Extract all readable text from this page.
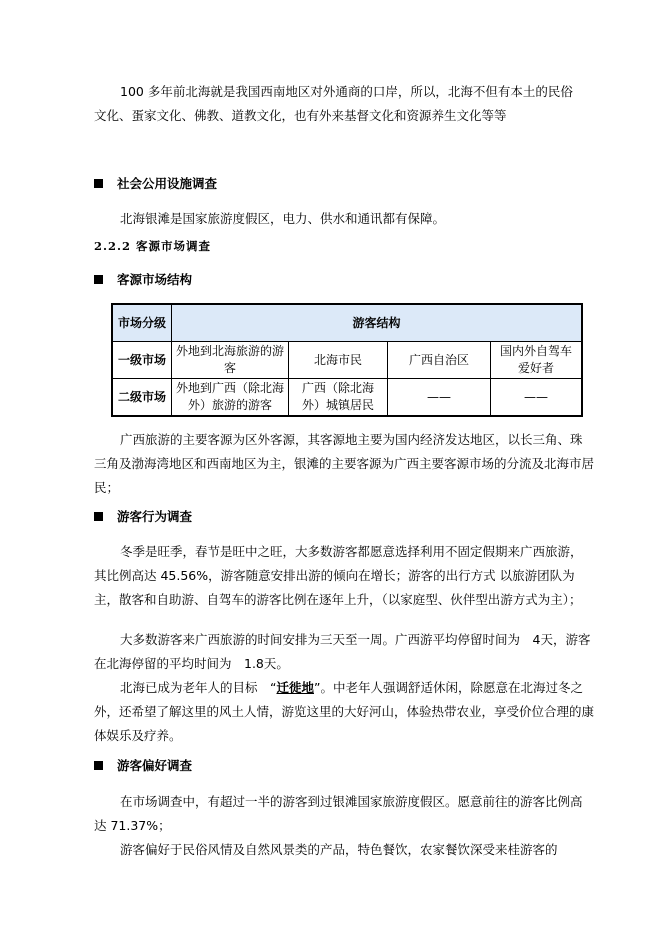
100 多年前北海就是我国西南地区对外通商的口岸，所以，北海不但有本土的民俗
文化、蛋家文化、佛教、道教文化，也有外来基督文化和资源养生文化等等

社会公用设施调查

北海银滩是国家旅游度假区，电力、供水和通讯都有保障。

2.2.2 客源市场调查
客源市场结构
市场分级	游客结构			
一级市场	外地到北海旅游的游客	北海市民	广西自治区	国内外自驾车爱好者
二级市场	外地到广西（除北海外）旅游的游客	广西（除北海外）城镇居民	——	——

广西旅游的主要客源为区外客源，其客源地主要为国内经济发达地区，以长三角、珠三角及渤海湾地区和西南地区为主，银滩的主要客源为广西主要客源市场的分流及北海市居民；

游客行为调查

冬季是旺季，春节是旺中之旺，大多数游客都愿意选择利用不固定假期来广西旅游，其比例高达 45.56%，游客随意安排出游的倾向在增长；游客的出行方式 以旅游团队为主，散客和自助游、自驾车的游客比例在逐年上升，（以家庭型、伙伴型出游方式为主）；

大多数游客来广西旅游的时间安排为三天至一周。广西游平均停留时间为　4天，游客在北海停留的平均时间为　1.8天。

北海已成为老年人的目标　“迁徙地”。中老年人强调舒适休闲，除愿意在北海过冬之外，还希望了解这里的风土人情，游览这里的大好河山，体验热带农业，享受价位合理的康体娱乐及疗养。

游客偏好调查

在市场调查中，有超过一半的游客到过银滩国家旅游度假区。愿意前往的游客比例高达 71.37%；

游客偏好于民俗风情及自然风景类的产品，特色餐饮，农家餐饮深受来桂游客的
